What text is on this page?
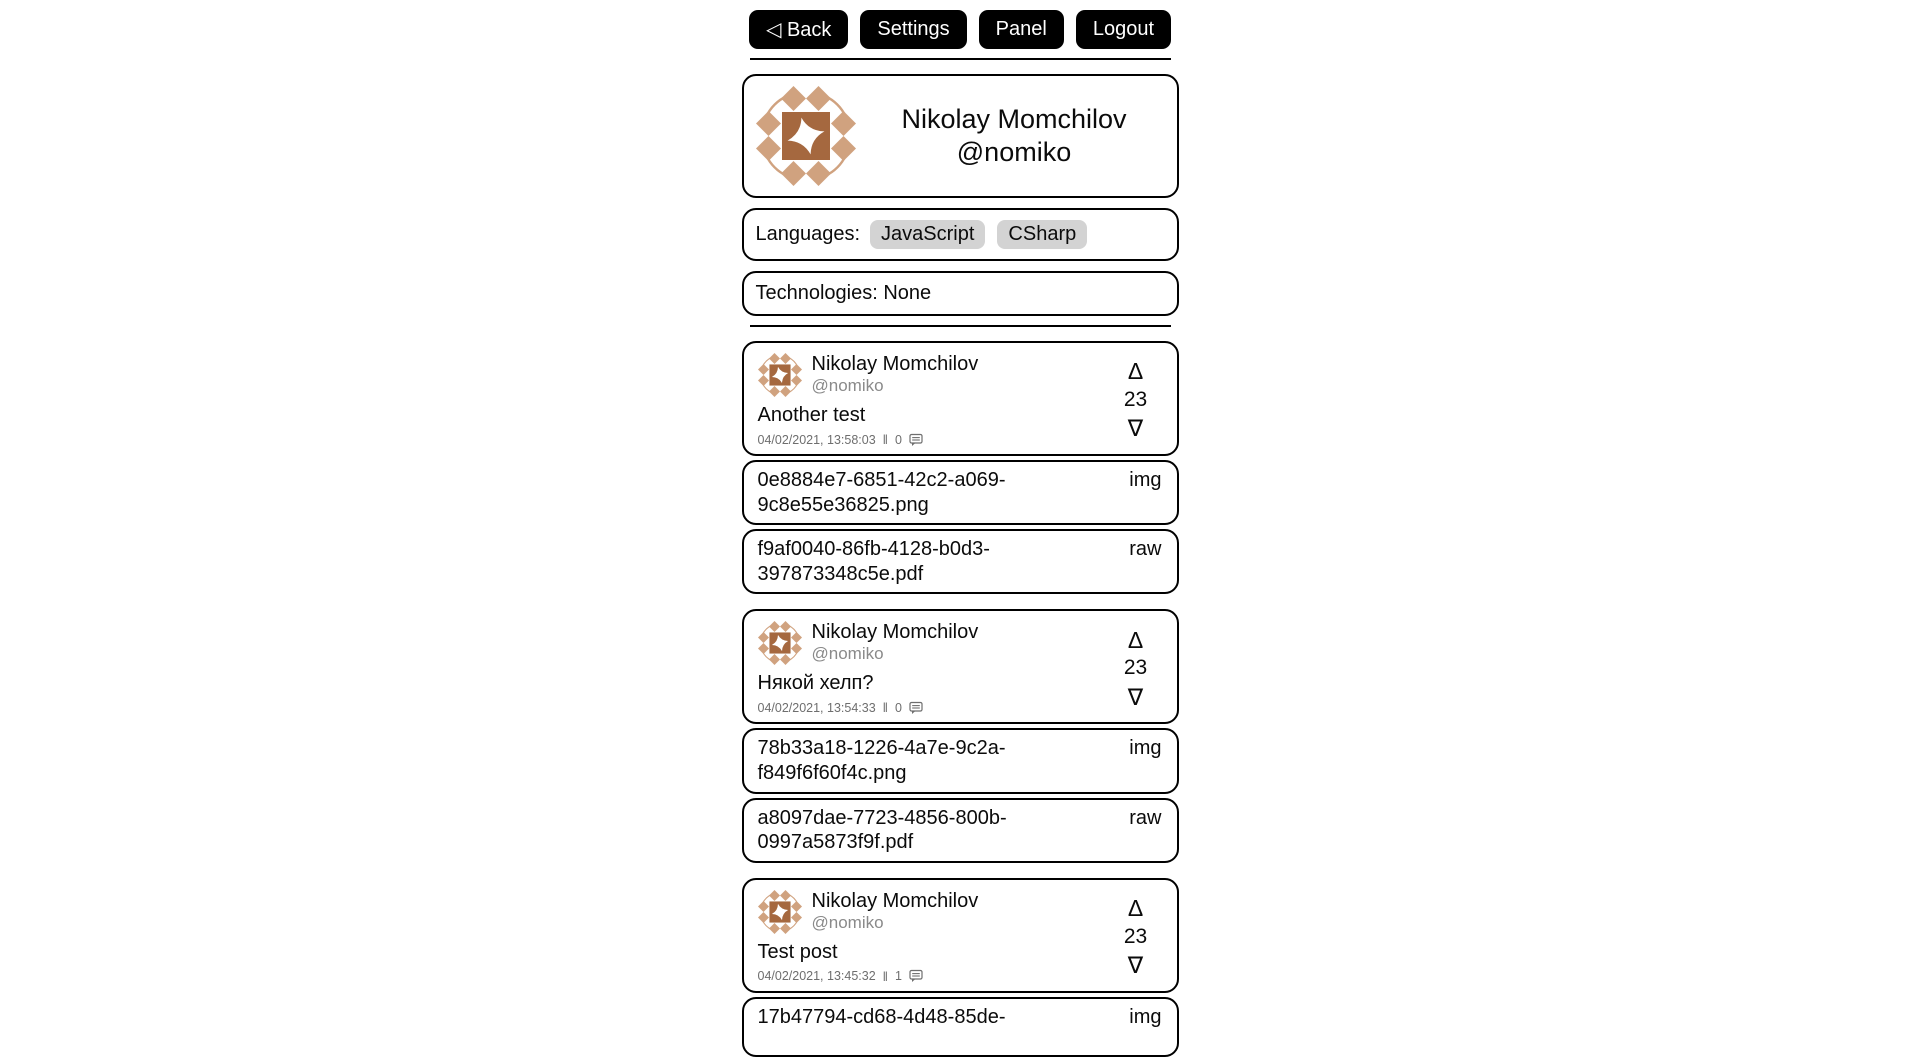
◁ Back	Settings	Panel	Logout
Nikolay Momchilov
@nomiko
Languages:	JavaScript	CSharp
Technologies: None
Nikolay Momchilov
@nomiko
Another test
04/02/2021, 13:58:03 ‖ 0
Δ
23
∇
0e8884e7-6851-42c2-a069-9c8e55e36825.png
img
f9af0040-86fb-4128-b0d3-397873348c5e.pdf
raw
Nikolay Momchilov
@nomiko
Някой хелп?
04/02/2021, 13:54:33 ‖ 0
Δ
23
∇
78b33a18-1226-4a7e-9c2a-f849f6f60f4c.png
img
a8097dae-7723-4856-800b-0997a5873f9f.pdf
raw
Nikolay Momchilov
@nomiko
Test post
04/02/2021, 13:45:32 ‖ 1
Δ
23
∇
17b47794-cd68-4d48-85de-	img
